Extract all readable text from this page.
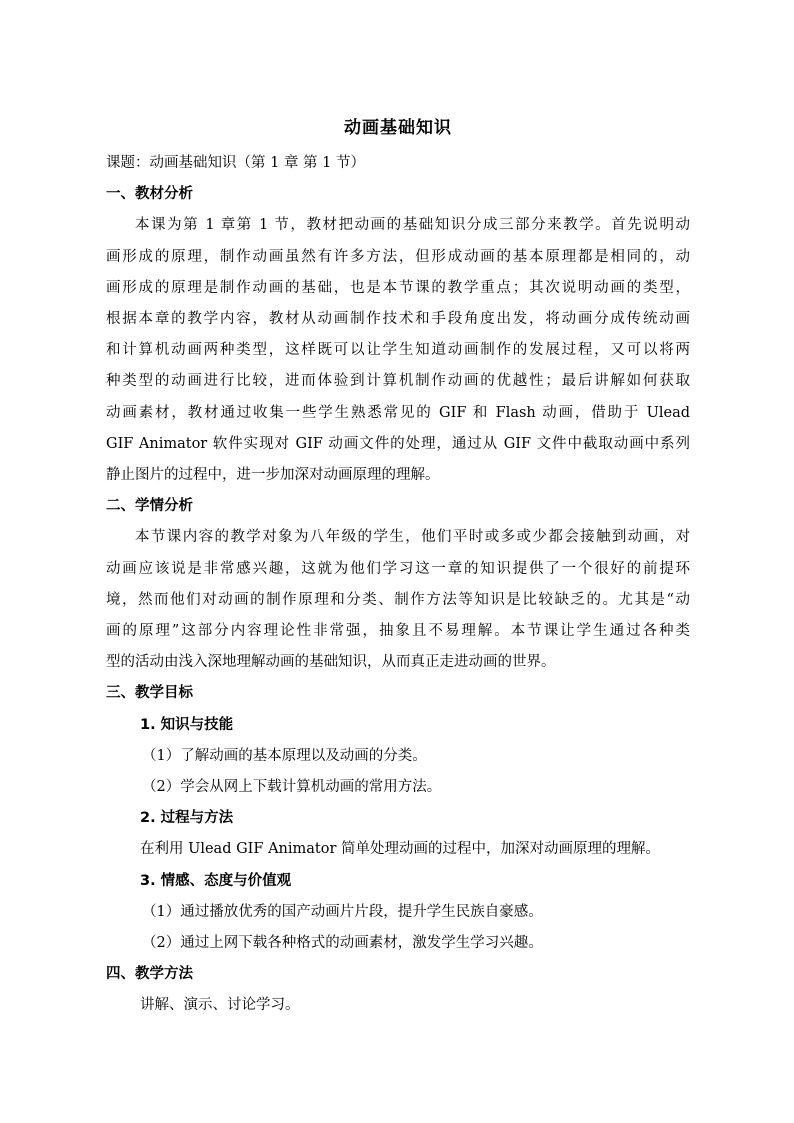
动画基础知识
课题：动画基础知识（第 1 章 第 1 节）
一、教材分析
本课为第 1 章第 1 节，教材把动画的基础知识分成三部分来教学。首先说明动
画形成的原理，制作动画虽然有许多方法，但形成动画的基本原理都是相同的，动
画形成的原理是制作动画的基础，也是本节课的教学重点；其次说明动画的类型，
根据本章的教学内容，教材从动画制作技术和手段角度出发，将动画分成传统动画
和计算机动画两种类型，这样既可以让学生知道动画制作的发展过程，又可以将两
种类型的动画进行比较，进而体验到计算机制作动画的优越性；最后讲解如何获取
动画素材，教材通过收集一些学生熟悉常见的 GIF 和 Flash 动画，借助于 Ulead
GIF Animator 软件实现对 GIF 动画文件的处理，通过从 GIF 文件中截取动画中系列
静止图片的过程中，进一步加深对动画原理的理解。
二、学情分析
本节课内容的教学对象为八年级的学生，他们平时或多或少都会接触到动画，对
动画应该说是非常感兴趣，这就为他们学习这一章的知识提供了一个很好的前提环
境，然而他们对动画的制作原理和分类、制作方法等知识是比较缺乏的。尤其是“动
画的原理”这部分内容理论性非常强，抽象且不易理解。本节课让学生通过各种类
型的活动由浅入深地理解动画的基础知识，从而真正走进动画的世界。
三、教学目标
1. 知识与技能
（1）了解动画的基本原理以及动画的分类。
（2）学会从网上下载计算机动画的常用方法。
2. 过程与方法
在利用 Ulead GIF Animator 简单处理动画的过程中，加深对动画原理的理解。
3. 情感、态度与价值观
（1）通过播放优秀的国产动画片片段，提升学生民族自豪感。
（2）通过上网下载各种格式的动画素材，激发学生学习兴趣。
四、教学方法
讲解、演示、讨论学习。
